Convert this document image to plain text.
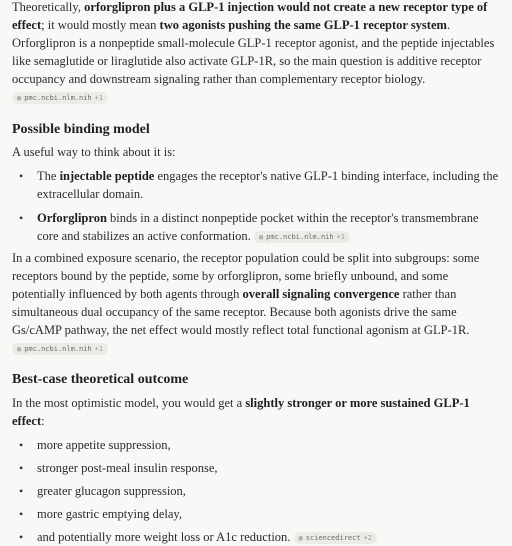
Theoretically, orforglipron plus a GLP-1 injection would not create a new receptor type of effect; it would mostly mean two agonists pushing the same GLP-1 receptor system. Orforglipron is a nonpeptide small-molecule GLP-1 receptor agonist, and the peptide injectables like semaglutide or liraglutide also activate GLP-1R, so the main question is additive receptor occupancy and downstream signaling rather than complementary receptor biology.

◍ pmc.ncbi.nlm.nih +1
Possible binding model

A useful way to think about it is:

• The injectable peptide engages the receptor's native GLP-1 binding interface, including the extracellular domain.
• Orforglipron binds in a distinct nonpeptide pocket within the receptor's transmembrane core and stabilizes an active conformation. ◍ pmc.ncbi.nlm.nih +1

In a combined exposure scenario, the receptor population could be split into subgroups: some receptors bound by the peptide, some by orforglipron, some briefly unbound, and some potentially influenced by both agents through overall signaling convergence rather than simultaneous dual occupancy of the same receptor. Because both agonists drive the same Gs/cAMP pathway, the net effect would mostly reflect total functional agonism at GLP-1R.

◍ pmc.ncbi.nlm.nih +1
Best-case theoretical outcome

In the most optimistic model, you would get a slightly stronger or more sustained GLP-1 effect:

• more appetite suppression,
• stronger post-meal insulin response,
• greater glucagon suppression,
• more gastric emptying delay,
• and potentially more weight loss or A1c reduction. ◍ sciencedirect +2
